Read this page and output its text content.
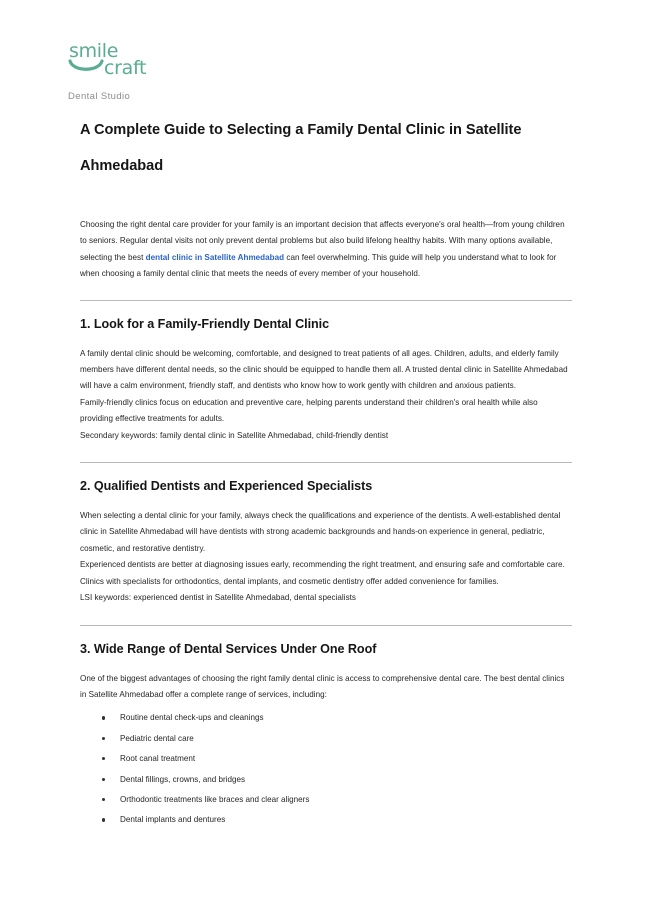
smile
craft
Dental Studio
A Complete Guide to Selecting a Family Dental Clinic in Satellite Ahmedabad

Choosing the right dental care provider for your family is an important decision that affects everyone's oral health—from young children to seniors. Regular dental visits not only prevent dental problems but also build lifelong healthy habits. With many options available, selecting the best dental clinic in Satellite Ahmedabad can feel overwhelming. This guide will help you understand what to look for when choosing a family dental clinic that meets the needs of every member of your household.

1. Look for a Family-Friendly Dental Clinic

A family dental clinic should be welcoming, comfortable, and designed to treat patients of all ages. Children, adults, and elderly family members have different dental needs, so the clinic should be equipped to handle them all. A trusted dental clinic in Satellite Ahmedabad will have a calm environment, friendly staff, and dentists who know how to work gently with children and anxious patients.

Family-friendly clinics focus on education and preventive care, helping parents understand their children's oral health while also providing effective treatments for adults.

Secondary keywords: family dental clinic in Satellite Ahmedabad, child-friendly dentist

2. Qualified Dentists and Experienced Specialists

When selecting a dental clinic for your family, always check the qualifications and experience of the dentists. A well-established dental clinic in Satellite Ahmedabad will have dentists with strong academic backgrounds and hands-on experience in general, pediatric, cosmetic, and restorative dentistry.

Experienced dentists are better at diagnosing issues early, recommending the right treatment, and ensuring safe and comfortable care. Clinics with specialists for orthodontics, dental implants, and cosmetic dentistry offer added convenience for families.

LSI keywords: experienced dentist in Satellite Ahmedabad, dental specialists

3. Wide Range of Dental Services Under One Roof

One of the biggest advantages of choosing the right family dental clinic is access to comprehensive dental care. The best dental clinics in Satellite Ahmedabad offer a complete range of services, including:

Routine dental check-ups and cleanings
Pediatric dental care
Root canal treatment
Dental fillings, crowns, and bridges
Orthodontic treatments like braces and clear aligners
Dental implants and dentures
